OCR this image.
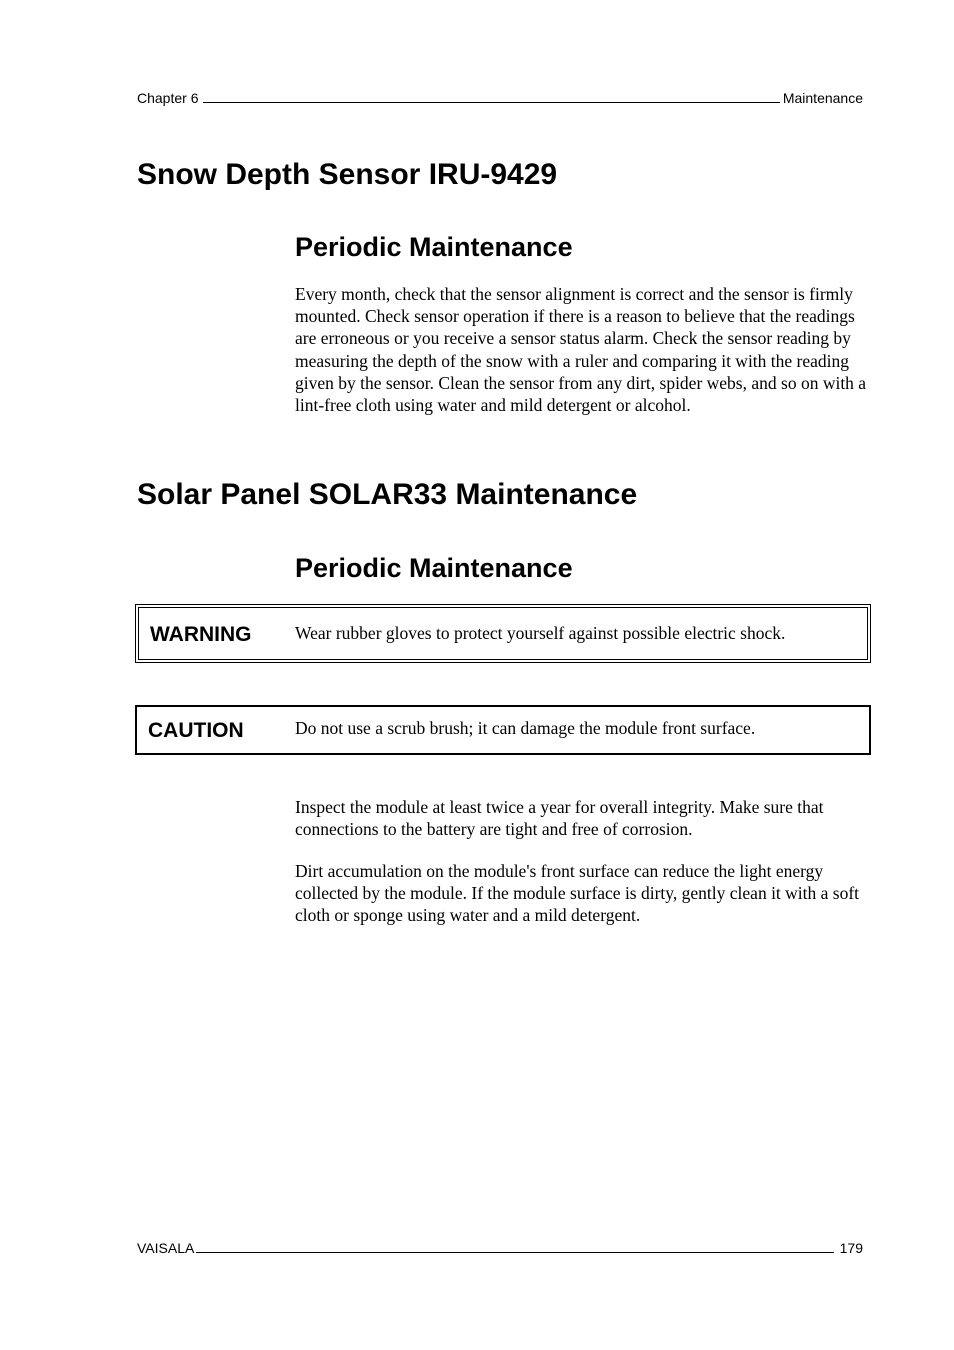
Chapter 6	Maintenance
Snow Depth Sensor IRU-9429
Periodic Maintenance

Every month, check that the sensor alignment is correct and the sensor is firmly mounted. Check sensor operation if there is a reason to believe that the readings are erroneous or you receive a sensor status alarm. Check the sensor reading by measuring the depth of the snow with a ruler and comparing it with the reading given by the sensor. Clean the sensor from any dirt, spider webs, and so on with a lint-free cloth using water and mild detergent or alcohol.

Solar Panel SOLAR33 Maintenance
Periodic Maintenance
WARNING Wear rubber gloves to protect yourself against possible electric shock.
CAUTION	Do not use a scrub brush; it can damage the module front surface.

Inspect the module at least twice a year for overall integrity. Make sure that connections to the battery are tight and free of corrosion.

Dirt accumulation on the module's front surface can reduce the light energy collected by the module. If the module surface is dirty, gently clean it with a soft cloth or sponge using water and a mild detergent.

VAISALA	179
